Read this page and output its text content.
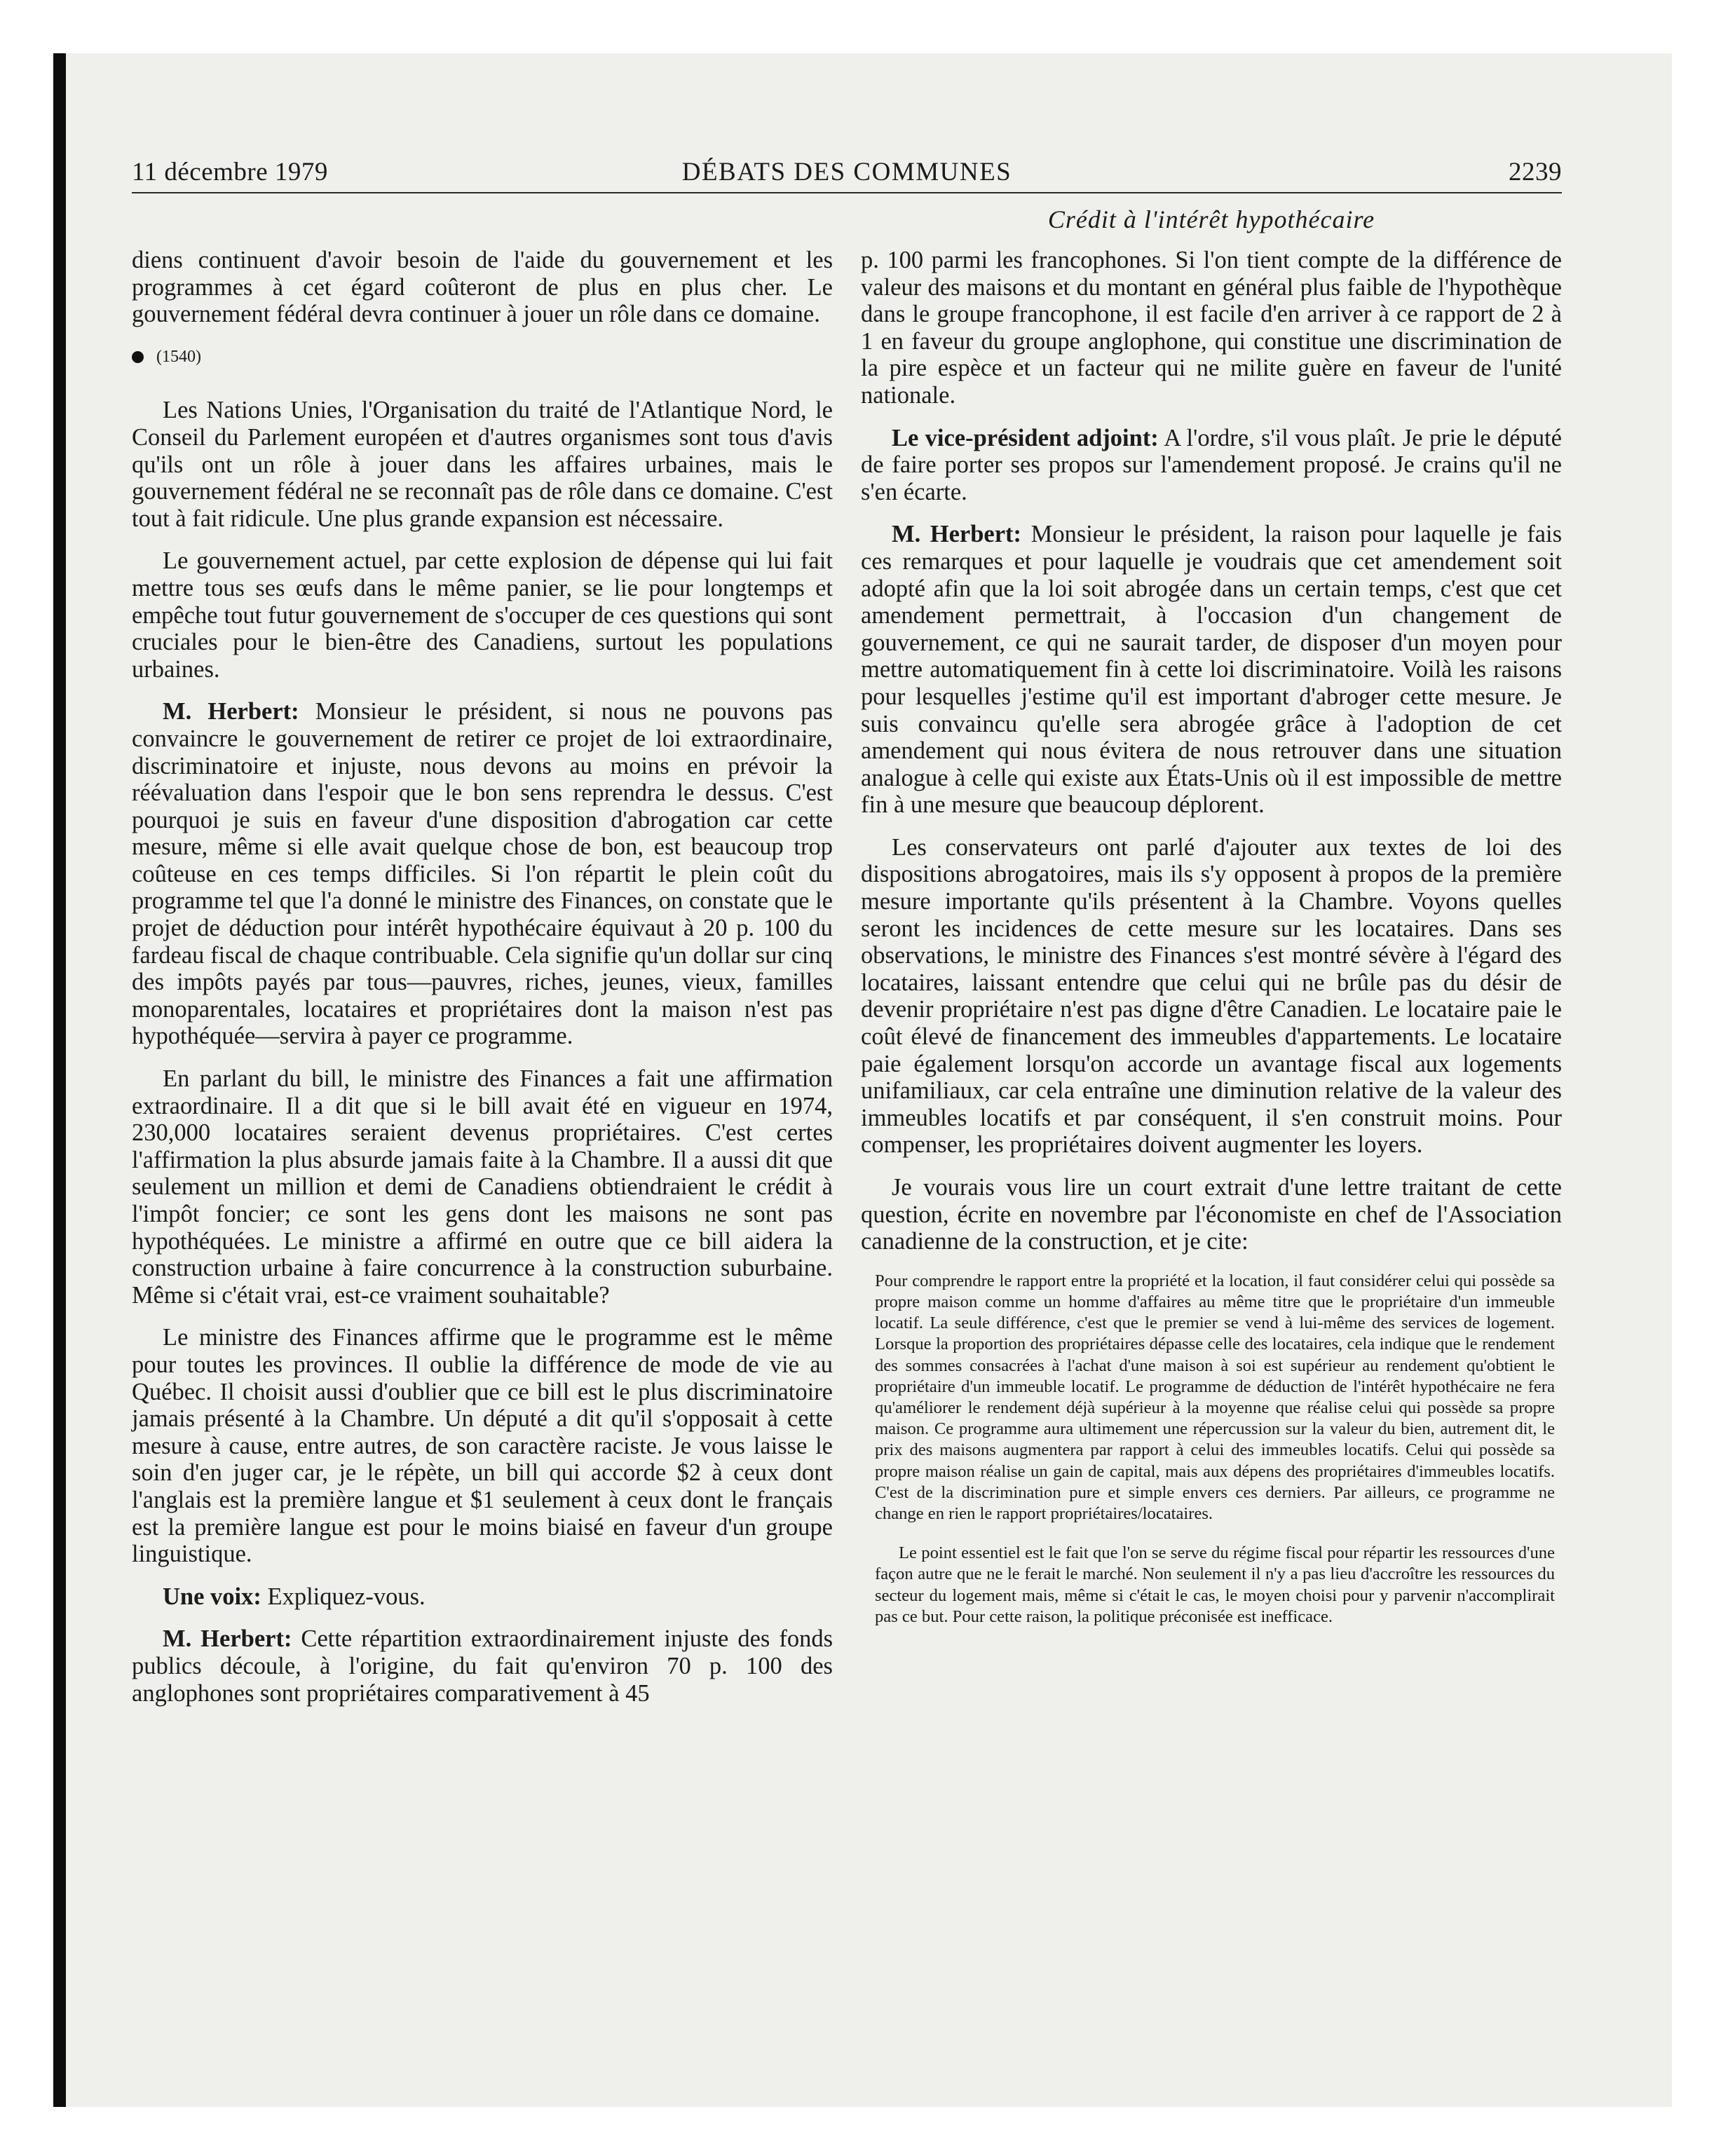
11 décembre 1979	DÉBATS DES COMMUNES	2239
Crédit à l'intérêt hypothécaire

diens continuent d'avoir besoin de l'aide du gouvernement et les programmes à cet égard coûteront de plus en plus cher. Le gouvernement fédéral devra continuer à jouer un rôle dans ce domaine.

(1540)

Les Nations Unies, l'Organisation du traité de l'Atlantique Nord, le Conseil du Parlement européen et d'autres organismes sont tous d'avis qu'ils ont un rôle à jouer dans les affaires urbaines, mais le gouvernement fédéral ne se reconnaît pas de rôle dans ce domaine. C'est tout à fait ridicule. Une plus grande expansion est nécessaire.

Le gouvernement actuel, par cette explosion de dépense qui lui fait mettre tous ses œufs dans le même panier, se lie pour longtemps et empêche tout futur gouvernement de s'occuper de ces questions qui sont cruciales pour le bien-être des Canadiens, surtout les populations urbaines.

M. Herbert: Monsieur le président, si nous ne pouvons pas convaincre le gouvernement de retirer ce projet de loi extraordinaire, discriminatoire et injuste, nous devons au moins en prévoir la réévaluation dans l'espoir que le bon sens reprendra le dessus. C'est pourquoi je suis en faveur d'une disposition d'abrogation car cette mesure, même si elle avait quelque chose de bon, est beaucoup trop coûteuse en ces temps difficiles. Si l'on répartit le plein coût du programme tel que l'a donné le ministre des Finances, on constate que le projet de déduction pour intérêt hypothécaire équivaut à 20 p. 100 du fardeau fiscal de chaque contribuable. Cela signifie qu'un dollar sur cinq des impôts payés par tous—pauvres, riches, jeunes, vieux, familles monoparentales, locataires et propriétaires dont la maison n'est pas hypothéquée—servira à payer ce programme.

En parlant du bill, le ministre des Finances a fait une affirmation extraordinaire. Il a dit que si le bill avait été en vigueur en 1974, 230,000 locataires seraient devenus propriétaires. C'est certes l'affirmation la plus absurde jamais faite à la Chambre. Il a aussi dit que seulement un million et demi de Canadiens obtiendraient le crédit à l'impôt foncier; ce sont les gens dont les maisons ne sont pas hypothéquées. Le ministre a affirmé en outre que ce bill aidera la construction urbaine à faire concurrence à la construction suburbaine. Même si c'était vrai, est-ce vraiment souhaitable?

Le ministre des Finances affirme que le programme est le même pour toutes les provinces. Il oublie la différence de mode de vie au Québec. Il choisit aussi d'oublier que ce bill est le plus discriminatoire jamais présenté à la Chambre. Un député a dit qu'il s'opposait à cette mesure à cause, entre autres, de son caractère raciste. Je vous laisse le soin d'en juger car, je le répète, un bill qui accorde $2 à ceux dont l'anglais est la première langue et $1 seulement à ceux dont le français est la première langue est pour le moins biaisé en faveur d'un groupe linguistique.

Une voix: Expliquez-vous.

M. Herbert: Cette répartition extraordinairement injuste des fonds publics découle, à l'origine, du fait qu'environ 70 p. 100 des anglophones sont propriétaires comparativement à 45

p. 100 parmi les francophones. Si l'on tient compte de la différence de valeur des maisons et du montant en général plus faible de l'hypothèque dans le groupe francophone, il est facile d'en arriver à ce rapport de 2 à 1 en faveur du groupe anglophone, qui constitue une discrimination de la pire espèce et un facteur qui ne milite guère en faveur de l'unité nationale.

Le vice-président adjoint: A l'ordre, s'il vous plaît. Je prie le député de faire porter ses propos sur l'amendement proposé. Je crains qu'il ne s'en écarte.

M. Herbert: Monsieur le président, la raison pour laquelle je fais ces remarques et pour laquelle je voudrais que cet amendement soit adopté afin que la loi soit abrogée dans un certain temps, c'est que cet amendement permettrait, à l'occasion d'un changement de gouvernement, ce qui ne saurait tarder, de disposer d'un moyen pour mettre automatiquement fin à cette loi discriminatoire. Voilà les raisons pour lesquelles j'estime qu'il est important d'abroger cette mesure. Je suis convaincu qu'elle sera abrogée grâce à l'adoption de cet amendement qui nous évitera de nous retrouver dans une situation analogue à celle qui existe aux États-Unis où il est impossible de mettre fin à une mesure que beaucoup déplorent.

Les conservateurs ont parlé d'ajouter aux textes de loi des dispositions abrogatoires, mais ils s'y opposent à propos de la première mesure importante qu'ils présentent à la Chambre. Voyons quelles seront les incidences de cette mesure sur les locataires. Dans ses observations, le ministre des Finances s'est montré sévère à l'égard des locataires, laissant entendre que celui qui ne brûle pas du désir de devenir propriétaire n'est pas digne d'être Canadien. Le locataire paie le coût élevé de financement des immeubles d'appartements. Le locataire paie également lorsqu'on accorde un avantage fiscal aux logements unifamiliaux, car cela entraîne une diminution relative de la valeur des immeubles locatifs et par conséquent, il s'en construit moins. Pour compenser, les propriétaires doivent augmenter les loyers.

Je vourais vous lire un court extrait d'une lettre traitant de cette question, écrite en novembre par l'économiste en chef de l'Association canadienne de la construction, et je cite:

Pour comprendre le rapport entre la propriété et la location, il faut considérer celui qui possède sa propre maison comme un homme d'affaires au même titre que le propriétaire d'un immeuble locatif. La seule différence, c'est que le premier se vend à lui-même des services de logement. Lorsque la proportion des propriétaires dépasse celle des locataires, cela indique que le rendement des sommes consacrées à l'achat d'une maison à soi est supérieur au rendement qu'obtient le propriétaire d'un immeuble locatif. Le programme de déduction de l'intérêt hypothécaire ne fera qu'améliorer le rendement déjà supérieur à la moyenne que réalise celui qui possède sa propre maison. Ce programme aura ultimement une répercussion sur la valeur du bien, autrement dit, le prix des maisons augmentera par rapport à celui des immeubles locatifs. Celui qui possède sa propre maison réalise un gain de capital, mais aux dépens des propriétaires d'immeubles locatifs. C'est de la discrimination pure et simple envers ces derniers. Par ailleurs, ce programme ne change en rien le rapport propriétaires/locataires.

Le point essentiel est le fait que l'on se serve du régime fiscal pour répartir les ressources d'une façon autre que ne le ferait le marché. Non seulement il n'y a pas lieu d'accroître les ressources du secteur du logement mais, même si c'était le cas, le moyen choisi pour y parvenir n'accomplirait pas ce but. Pour cette raison, la politique préconisée est inefficace.
